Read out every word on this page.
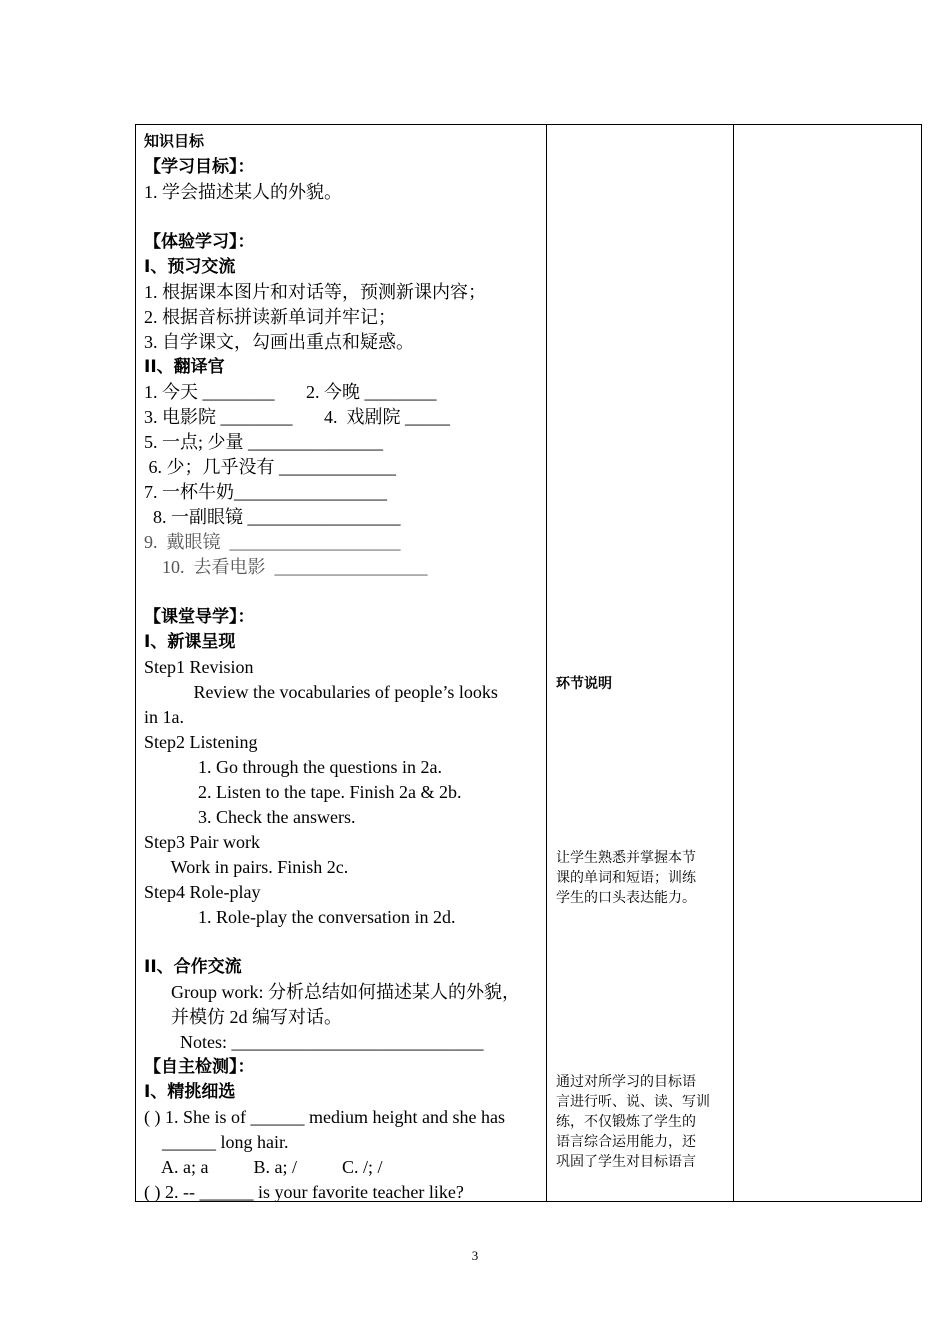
知识目标
【学习目标】：
1. 学会描述某人的外貌。

【体验学习】：
I、预习交流
1. 根据课本图片和对话等，预测新课内容；
2. 根据音标拼读新单词并牢记；
3. 自学课文，勾画出重点和疑惑。
II、翻译官
1. 今天 ________       2. 今晚 ________
3. 电影院 ________       4.  戏剧院 _____
5. 一点; 少量 _______________
6. 少；几乎没有 _____________
7. 一杯牛奶_________________
8. 一副眼镜 _________________
9.  戴眼镜  ___________________
10.  去看电影  _________________

【课堂导学】：
I、新课呈现
Step1 Revision
Review the vocabularies of people’s looks
in 1a.
Step2 Listening
1. Go through the questions in 2a.
2. Listen to the tape. Finish 2a & 2b.
3. Check the answers.
Step3 Pair work
Work in pairs. Finish 2c.
Step4 Role-play
1. Role-play the conversation in 2d.

II、合作交流
Group work: 分析总结如何描述某人的外貌，
并模仿 2d 编写对话。
Notes: ____________________________
【自主检测】：
I、精挑细选
( ) 1. She is of ______ medium height and she has
______ long hair.
A. a; a          B. a; /          C. /; /
( ) 2. -- ______ is your favorite teacher like?
环节说明
让学生熟悉并掌握本节
课的单词和短语；训练
学生的口头表达能力。
通过对所学习的目标语
言进行听、说、读、写训
练，不仅锻炼了学生的
语言综合运用能力，还
巩固了学生对目标语言
3
